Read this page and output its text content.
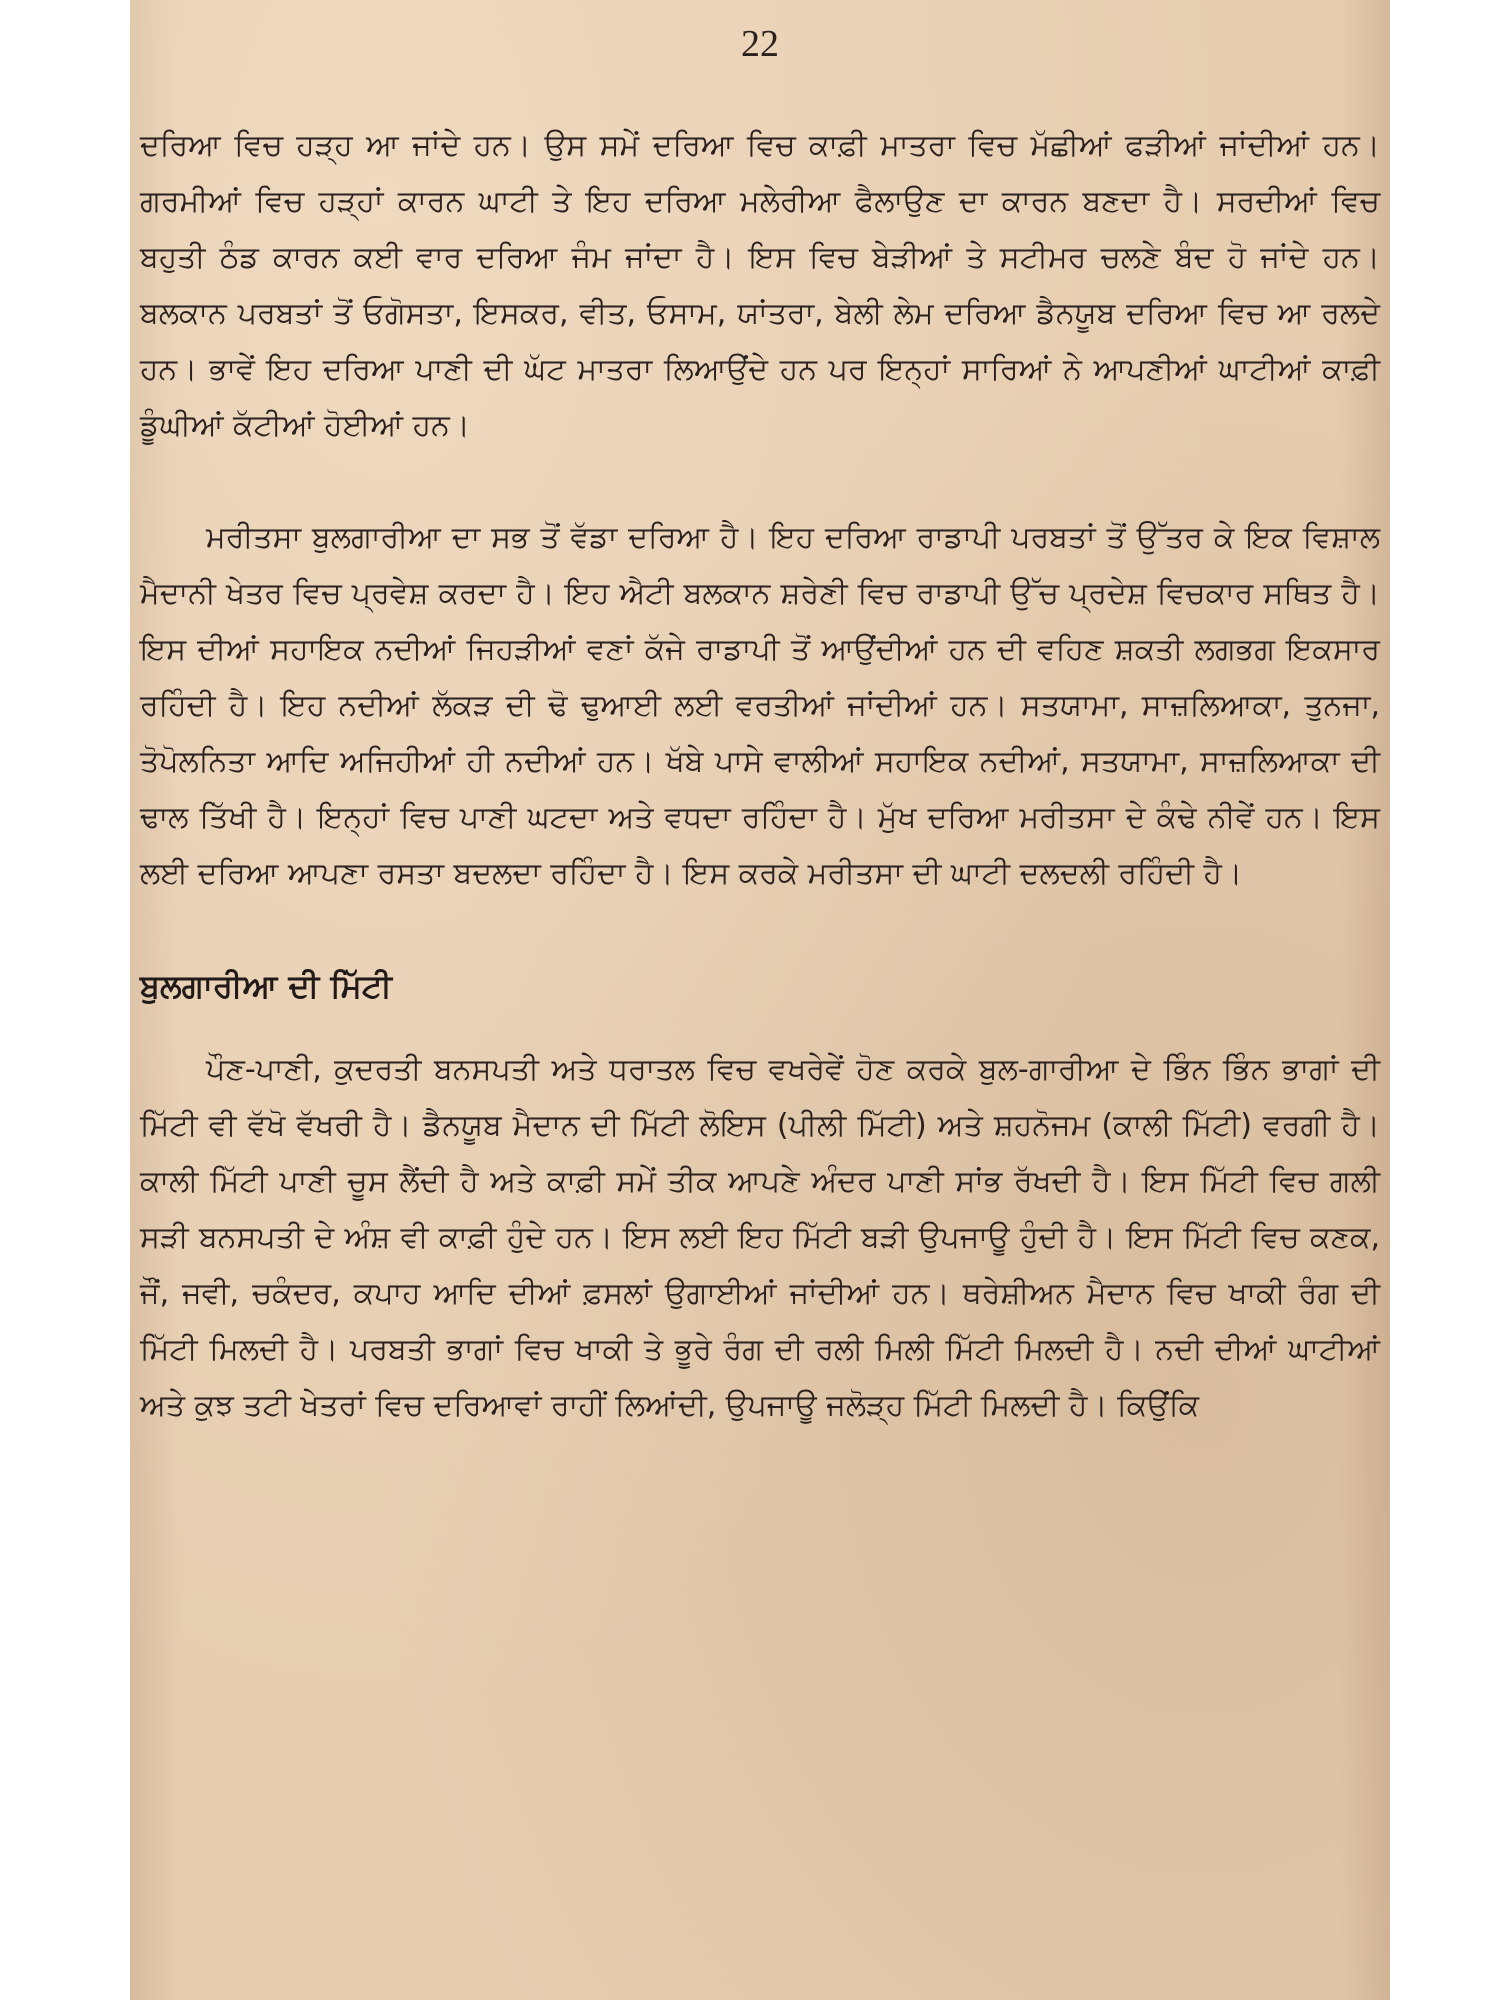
22

ਦਰਿਆ ਵਿਚ ਹੜ੍ਹ ਆ ਜਾਂਦੇ ਹਨ। ਉਸ ਸਮੇਂ ਦਰਿਆ ਵਿਚ ਕਾਫ਼ੀ ਮਾਤਰਾ ਵਿਚ ਮੱਛੀਆਂ ਫੜੀਆਂ ਜਾਂਦੀਆਂ ਹਨ। ਗਰਮੀਆਂ ਵਿਚ ਹੜ੍ਹਾਂ ਕਾਰਨ ਘਾਟੀ ਤੇ ਇਹ ਦਰਿਆ ਮਲੇਰੀਆ ਫੈਲਾਉਣ ਦਾ ਕਾਰਨ ਬਣਦਾ ਹੈ। ਸਰਦੀਆਂ ਵਿਚ ਬਹੁਤੀ ਠੰਡ ਕਾਰਨ ਕਈ ਵਾਰ ਦਰਿਆ ਜੰਮ ਜਾਂਦਾ ਹੈ। ਇਸ ਵਿਚ ਬੇੜੀਆਂ ਤੇ ਸਟੀਮਰ ਚਲਣੇ ਬੰਦ ਹੋ ਜਾਂਦੇ ਹਨ। ਬਲਕਾਨ ਪਰਬਤਾਂ ਤੋਂ ਓਗੋਸਤਾ, ਇਸਕਰ, ਵੀਤ, ਓਸਾਮ, ਯਾਂਤਰਾ, ਬੇਲੀ ਲੇਮ ਦਰਿਆ ਡੈਨਯੂਬ ਦਰਿਆ ਵਿਚ ਆ ਰਲਦੇ ਹਨ। ਭਾਵੇਂ ਇਹ ਦਰਿਆ ਪਾਣੀ ਦੀ ਘੱਟ ਮਾਤਰਾ ਲਿਆਉਂਦੇ ਹਨ ਪਰ ਇਨ੍ਹਾਂ ਸਾਰਿਆਂ ਨੇ ਆਪਣੀਆਂ ਘਾਟੀਆਂ ਕਾਫ਼ੀ ਡੂੰਘੀਆਂ ਕੱਟੀਆਂ ਹੋਈਆਂ ਹਨ।

ਮਰੀਤਸਾ ਬੁਲਗਾਰੀਆ ਦਾ ਸਭ ਤੋਂ ਵੱਡਾ ਦਰਿਆ ਹੈ। ਇਹ ਦਰਿਆ ਰਾਡਾਪੀ ਪਰਬਤਾਂ ਤੋਂ ਉੱਤਰ ਕੇ ਇਕ ਵਿਸ਼ਾਲ ਮੈਦਾਨੀ ਖੇਤਰ ਵਿਚ ਪ੍ਰਵੇਸ਼ ਕਰਦਾ ਹੈ। ਇਹ ਐਟੀ ਬਲਕਾਨ ਸ਼ਰੇਣੀ ਵਿਚ ਰਾਡਾਪੀ ਉੱਚ ਪ੍ਰਦੇਸ਼ ਵਿਚਕਾਰ ਸਥਿਤ ਹੈ। ਇਸ ਦੀਆਂ ਸਹਾਇਕ ਨਦੀਆਂ ਜਿਹੜੀਆਂ ਵਣਾਂ ਕੱਜੇ ਰਾਡਾਪੀ ਤੋਂ ਆਉਂਦੀਆਂ ਹਨ ਦੀ ਵਹਿਣ ਸ਼ਕਤੀ ਲਗਭਗ ਇਕਸਾਰ ਰਹਿੰਦੀ ਹੈ। ਇਹ ਨਦੀਆਂ ਲੱਕੜ ਦੀ ਢੋ ਢੁਆਈ ਲਈ ਵਰਤੀਆਂ ਜਾਂਦੀਆਂ ਹਨ। ਸਤਯਾਮਾ, ਸਾਜ਼ਲਿਆਕਾ, ਤੁਨਜਾ, ਤੋਪੋਲਨਿਤਾ ਆਦਿ ਅਜਿਹੀਆਂ ਹੀ ਨਦੀਆਂ ਹਨ। ਖੱਬੇ ਪਾਸੇ ਵਾਲੀਆਂ ਸਹਾਇਕ ਨਦੀਆਂ, ਸਤਯਾਮਾ, ਸਾਜ਼ਲਿਆਕਾ ਦੀ ਢਾਲ ਤਿੱਖੀ ਹੈ। ਇਨ੍ਹਾਂ ਵਿਚ ਪਾਣੀ ਘਟਦਾ ਅਤੇ ਵਧਦਾ ਰਹਿੰਦਾ ਹੈ। ਮੁੱਖ ਦਰਿਆ ਮਰੀਤਸਾ ਦੇ ਕੰਢੇ ਨੀਵੇਂ ਹਨ। ਇਸ ਲਈ ਦਰਿਆ ਆਪਣਾ ਰਸਤਾ ਬਦਲਦਾ ਰਹਿੰਦਾ ਹੈ। ਇਸ ਕਰਕੇ ਮਰੀਤਸਾ ਦੀ ਘਾਟੀ ਦਲਦਲੀ ਰਹਿੰਦੀ ਹੈ।

ਬੁਲਗਾਰੀਆ ਦੀ ਮਿੱਟੀ

ਪੌਣ-ਪਾਣੀ, ਕੁਦਰਤੀ ਬਨਸਪਤੀ ਅਤੇ ਧਰਾਤਲ ਵਿਚ ਵਖਰੇਵੇਂ ਹੋਣ ਕਰਕੇ ਬੁਲ-ਗਾਰੀਆ ਦੇ ਭਿੰਨ ਭਿੰਨ ਭਾਗਾਂ ਦੀ ਮਿੱਟੀ ਵੀ ਵੱਖੋ ਵੱਖਰੀ ਹੈ। ਡੈਨਯੂਬ ਮੈਦਾਨ ਦੀ ਮਿੱਟੀ ਲੋਇਸ (ਪੀਲੀ ਮਿੱਟੀ) ਅਤੇ ਸ਼ਹਨੋਜਮ (ਕਾਲੀ ਮਿੱਟੀ) ਵਰਗੀ ਹੈ। ਕਾਲੀ ਮਿੱਟੀ ਪਾਣੀ ਚੂਸ ਲੈਂਦੀ ਹੈ ਅਤੇ ਕਾਫ਼ੀ ਸਮੇਂ ਤੀਕ ਆਪਣੇ ਅੰਦਰ ਪਾਣੀ ਸਾਂਭ ਰੱਖਦੀ ਹੈ। ਇਸ ਮਿੱਟੀ ਵਿਚ ਗਲੀ ਸੜੀ ਬਨਸਪਤੀ ਦੇ ਅੰਸ਼ ਵੀ ਕਾਫ਼ੀ ਹੁੰਦੇ ਹਨ। ਇਸ ਲਈ ਇਹ ਮਿੱਟੀ ਬੜੀ ਉਪਜਾਊ ਹੁੰਦੀ ਹੈ। ਇਸ ਮਿੱਟੀ ਵਿਚ ਕਣਕ, ਜੌਂ, ਜਵੀ, ਚਕੰਦਰ, ਕਪਾਹ ਆਦਿ ਦੀਆਂ ਫ਼ਸਲਾਂ ਉਗਾਈਆਂ ਜਾਂਦੀਆਂ ਹਨ। ਥਰੇਸ਼ੀਅਨ ਮੈਦਾਨ ਵਿਚ ਖਾਕੀ ਰੰਗ ਦੀ ਮਿੱਟੀ ਮਿਲਦੀ ਹੈ। ਪਰਬਤੀ ਭਾਗਾਂ ਵਿਚ ਖਾਕੀ ਤੇ ਭੂਰੇ ਰੰਗ ਦੀ ਰਲੀ ਮਿਲੀ ਮਿੱਟੀ ਮਿਲਦੀ ਹੈ। ਨਦੀ ਦੀਆਂ ਘਾਟੀਆਂ ਅਤੇ ਕੁਝ ਤਟੀ ਖੇਤਰਾਂ ਵਿਚ ਦਰਿਆਵਾਂ ਰਾਹੀਂ ਲਿਆਂਦੀ, ਉਪਜਾਊ ਜਲੋੜ੍ਹ ਮਿੱਟੀ ਮਿਲਦੀ ਹੈ। ਕਿਉਂਕਿ
